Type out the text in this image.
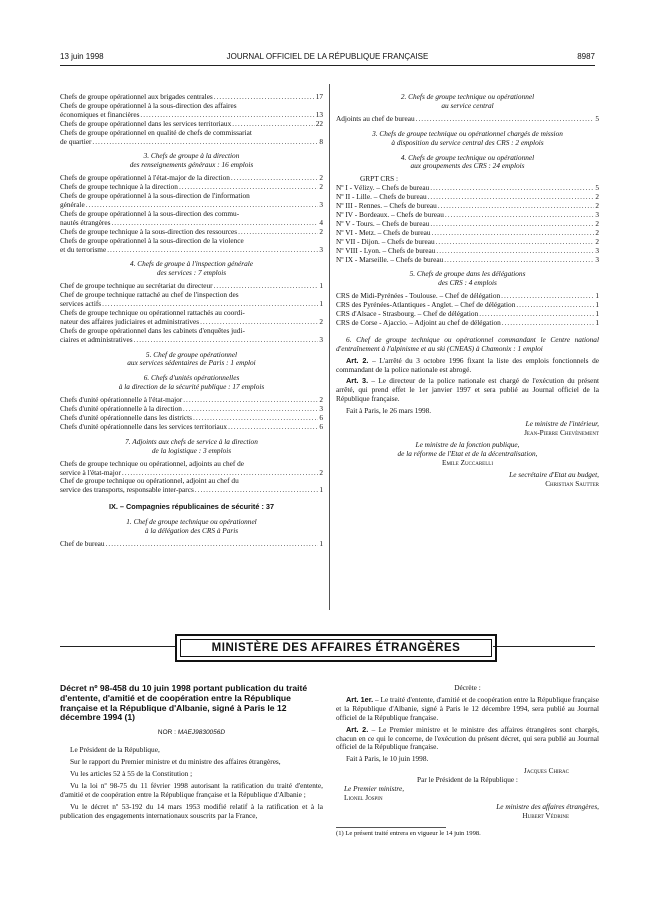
13 juin 1998	JOURNAL OFFICIEL DE LA RÉPUBLIQUE FRANÇAISE	8987
Chefs de groupe opérationnel aux brigades centrales .....	17
Chefs de groupe opérationnel à la sous-direction des affaires
économiques et financières .....	13
Chefs de groupe opérationnel dans les services territoriaux .....	22
Chefs de groupe opérationnel en qualité de chefs de commissariat
de quartier .....	8
3. Chefs de groupe à la direction
des renseignements généraux : 16 emplois
Chefs de groupe opérationnel à l'état-major de la direction .....	2
Chefs de groupe technique à la direction .....	2
Chefs de groupe opérationnel à la sous-direction de l'information
générale .....	3
Chefs de groupe opérationnel à la sous-direction des commu-
nautés étrangères .....	4
Chefs de groupe technique à la sous-direction des ressources .....	2
Chefs de groupe opérationnel à la sous-direction de la violence
et du terrorisme .....	3
4. Chefs de groupe à l'inspection générale
des services : 7 emplois
Chef de groupe technique au secrétariat du directeur .....	1
Chef de groupe technique rattaché au chef de l'inspection des
services actifs .....	1
Chefs de groupe technique ou opérationnel rattachés au coordi-
nateur des affaires judiciaires et administratives .....	2
Chefs de groupe opérationnel dans les cabinets d'enquêtes judi-
ciaires et administratives .....	3
5. Chef de groupe opérationnel
aux services sédentaires de Paris : 1 emploi
6. Chefs d'unités opérationnelles
à la direction de la sécurité publique : 17 emplois
Chefs d'unité opérationnelle à l'état-major .....	2
Chefs d'unité opérationnelle à la direction .....	3
Chefs d'unité opérationnelle dans les districts .....	6
Chefs d'unité opérationnelle dans les services territoriaux .....	6
7. Adjoints aux chefs de service à la direction
de la logistique : 3 emplois
Chefs de groupe technique ou opérationnel, adjoints au chef de
service à l'état-major .....	2
Chef de groupe technique ou opérationnel, adjoint au chef du
service des transports, responsable inter-parcs .....	1
IX. – Compagnies républicaines de sécurité : 37
1. Chef de groupe technique ou opérationnel
à la délégation des CRS à Paris
Chef de bureau .....	1
2. Chefs de groupe technique ou opérationnel
au service central
Adjoints au chef de bureau .....	5
3. Chefs de groupe technique ou opérationnel chargés de mission
à disposition du service central des CRS : 2 emplois
4. Chefs de groupe technique ou opérationnel
aux groupements des CRS : 24 emplois
GRPT CRS :
Nº I - Vélizy. – Chefs de bureau .....	5
Nº II - Lille. – Chefs de bureau .....	2
Nº III - Rennes. – Chefs de bureau .....	2
Nº IV - Bordeaux. – Chefs de bureau .....	3
Nº V - Tours. – Chefs de bureau .....	2
Nº VI - Metz. – Chefs de bureau .....	2
Nº VII - Dijon. – Chefs de bureau .....	2
Nº VIII - Lyon. – Chefs de bureau .....	3
Nº IX - Marseille. – Chefs de bureau .....	3
5. Chefs de groupe dans les délégations
des CRS : 4 emplois
CRS de Midi-Pyrénées - Toulouse. – Chef de délégation .....	1
CRS des Pyrénées-Atlantiques - Anglet. – Chef de délégation .....	1
CRS d'Alsace - Strasbourg. – Chef de délégation .....	1
CRS de Corse - Ajaccio. – Adjoint au chef de délégation .....	1
6. Chef de groupe technique ou opérationnel commandant le Centre national d'entraînement à l'alpinisme et au ski (CNEAS) à Chamonix : 1 emploi
Art. 2. – L'arrêté du 3 octobre 1996 fixant la liste des emplois fonctionnels de commandant de la police nationale est abrogé.
Art. 3. – Le directeur de la police nationale est chargé de l'exécution du présent arrêté, qui prend effet le 1er janvier 1997 et sera publié au Journal officiel de la République française.
Fait à Paris, le 26 mars 1998.
Le ministre de l'intérieur,
Jean-Pierre Chevènement
Le ministre de la fonction publique,
de la réforme de l'Etat et de la décentralisation,
Emile Zuccarelli
Le secrétaire d'Etat au budget,
Christian Sautter
MINISTÈRE DES AFFAIRES ÉTRANGÈRES
Décret nº 98-458 du 10 juin 1998 portant publication du traité d'entente, d'amitié et de coopération entre la République française et la République d'Albanie, signé à Paris le 12 décembre 1994 (1)
NOR : MAEJ9830056D
Le Président de la République,
Sur le rapport du Premier ministre et du ministre des affaires étrangères,
Vu les articles 52 à 55 de la Constitution ;
Vu la loi nº 98-75 du 11 février 1998 autorisant la ratification du traité d'entente, d'amitié et de coopération entre la République française et la République d'Albanie ;
Vu le décret nº 53-192 du 14 mars 1953 modifié relatif à la ratification et à la publication des engagements internationaux souscrits par la France,
Décrète :
Art. 1er. – Le traité d'entente, d'amitié et de coopération entre la République française et la République d'Albanie, signé à Paris le 12 décembre 1994, sera publié au Journal officiel de la République française.
Art. 2. – Le Premier ministre et le ministre des affaires étrangères sont chargés, chacun en ce qui le concerne, de l'exécution du présent décret, qui sera publié au Journal officiel de la République française.
Fait à Paris, le 10 juin 1998.
Jacques Chirac
Par le Président de la République :
Le Premier ministre,
Lionel Jospin
Le ministre des affaires étrangères,
Hubert Védrine
(1) Le présent traité entrera en vigueur le 14 juin 1998.
